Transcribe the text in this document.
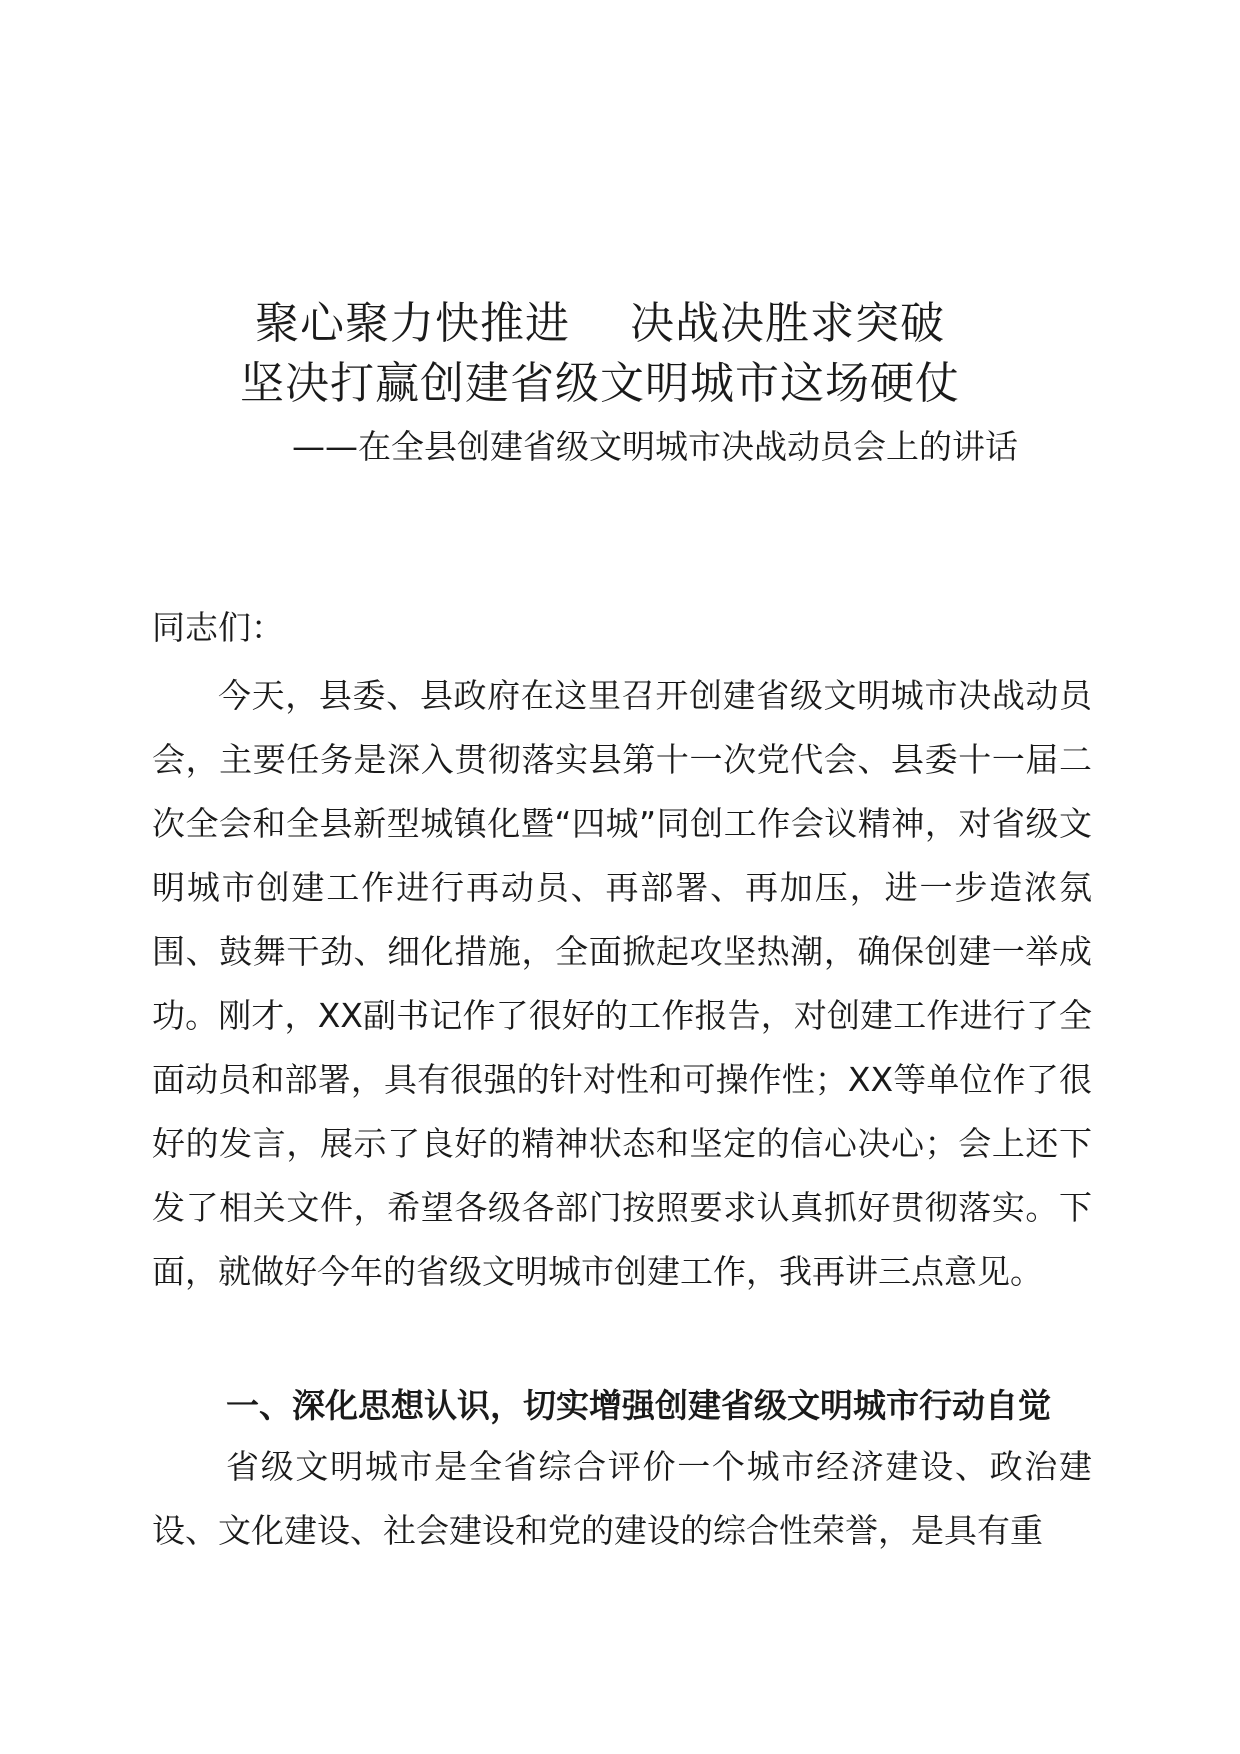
聚心聚力快推进    决战决胜求突破
坚决打赢创建省级文明城市这场硬仗
——在全县创建省级文明城市决战动员会上的讲话
同志们：
今天，县委、县政府在这里召开创建省级文明城市决战动员会，主要任务是深入贯彻落实县第十一次党代会、县委十一届二次全会和全县新型城镇化暨“四城”同创工作会议精神，对省级文明城市创建工作进行再动员、再部署、再加压，进一步造浓氛围、鼓舞干劲、细化措施，全面掀起攻坚热潮，确保创建一举成功。刚才，XX副书记作了很好的工作报告，对创建工作进行了全面动员和部署，具有很强的针对性和可操作性；XX等单位作了很好的发言，展示了良好的精神状态和坚定的信心决心；会上还下发了相关文件，希望各级各部门按照要求认真抓好贯彻落实。下面，就做好今年的省级文明城市创建工作，我再讲三点意见。
一、深化思想认识，切实增强创建省级文明城市行动自觉
省级文明城市是全省综合评价一个城市经济建设、政治建设、文化建设、社会建设和党的建设的综合性荣誉，是具有重
